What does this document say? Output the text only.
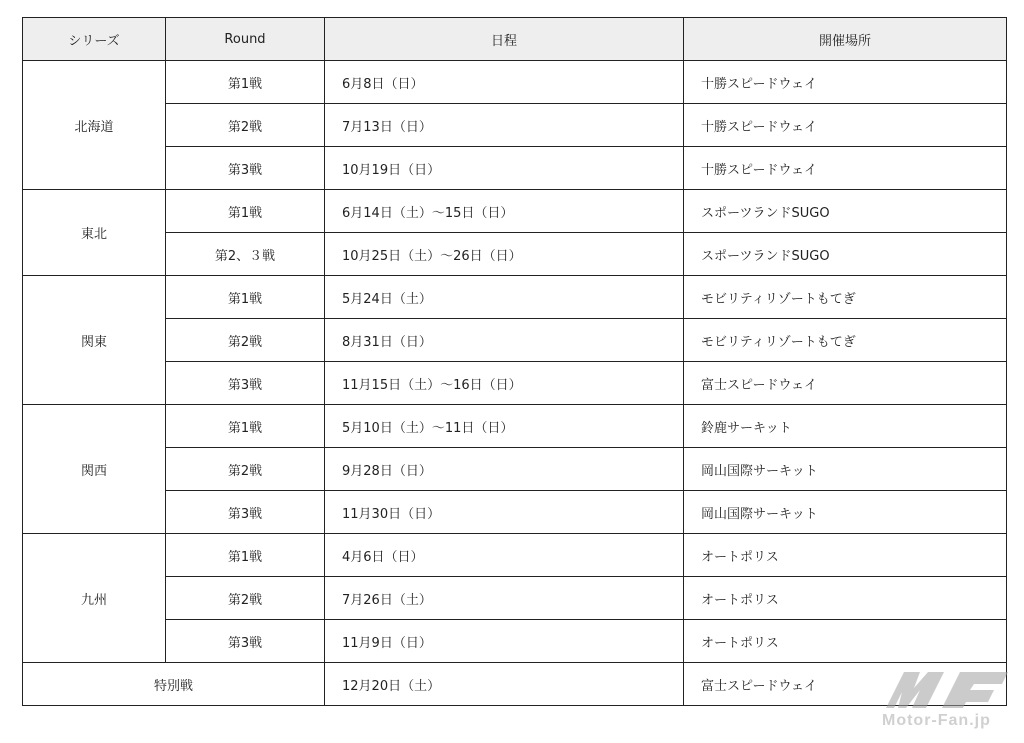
シリーズ	Round	日程	開催場所
北海道	第1戦	6月8日（日）	十勝スピードウェイ
	第2戦	7月13日（日）	十勝スピードウェイ
	第3戦	10月19日（日）	十勝スピードウェイ
東北	第1戦	6月14日（土）～15日（日）	スポーツランドSUGO
	第2、３戦	10月25日（土）～26日（日）	スポーツランドSUGO
関東	第1戦	5月24日（土）	モビリティリゾートもてぎ
	第2戦	8月31日（日）	モビリティリゾートもてぎ
	第3戦	11月15日（土）～16日（日）	富士スピードウェイ
関西	第1戦	5月10日（土）～11日（日）	鈴鹿サーキット
	第2戦	9月28日（日）	岡山国際サーキット
	第3戦	11月30日（日）	岡山国際サーキット
九州	第1戦	4月6日（日）	オートポリス
	第2戦	7月26日（土）	オートポリス
	第3戦	11月9日（日）	オートポリス
特別戦		12月20日（土）	富士スピードウェイ
Motor-Fan.jp
